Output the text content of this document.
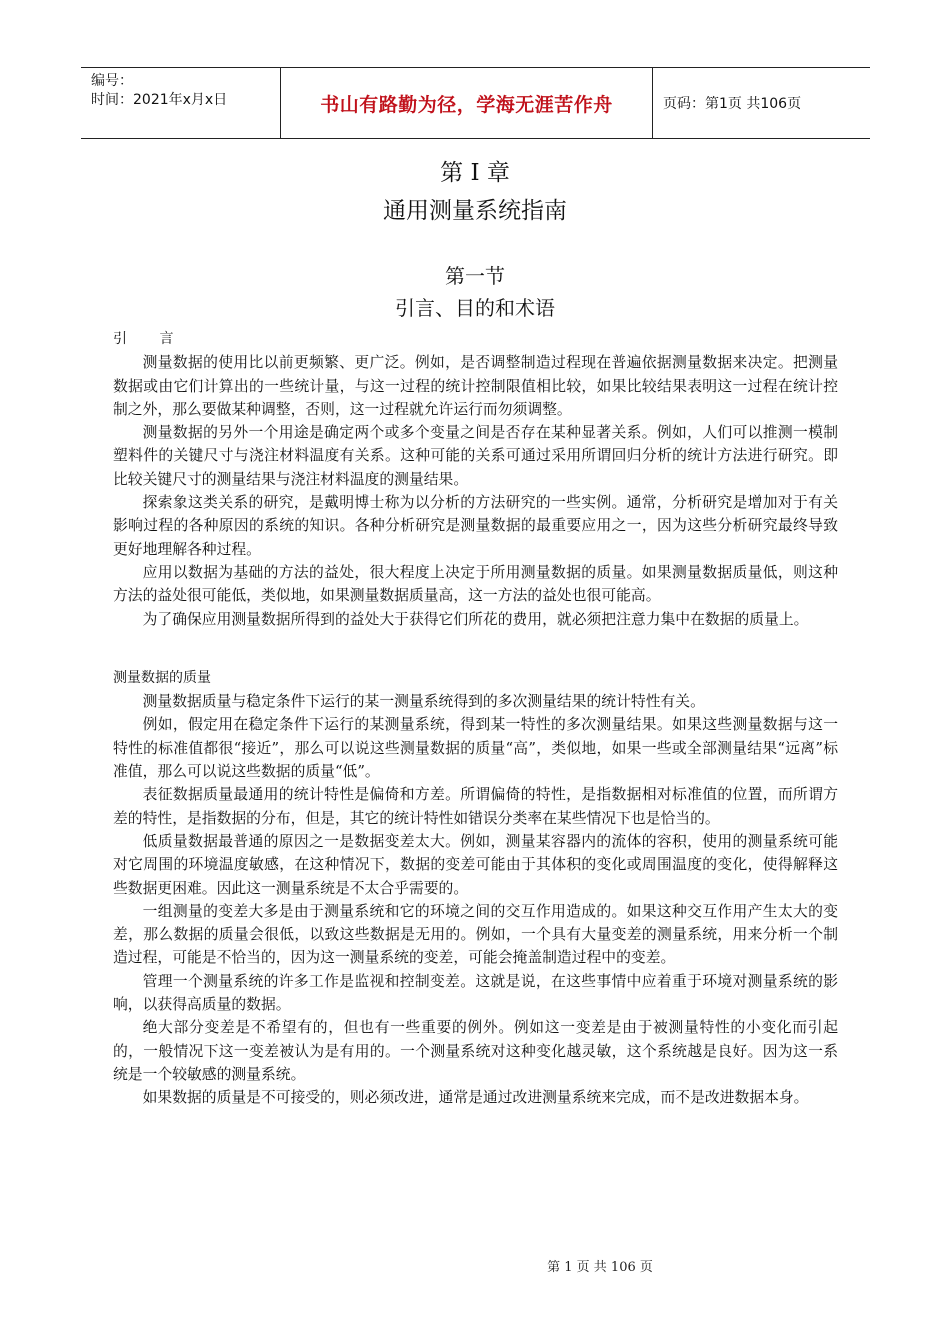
编号：
时间：2021年x月x日	书山有路勤为径，学海无涯苦作舟	页码：第1页 共106页
第 I 章
通用测量系统指南
第一节
引言、目的和术语

引 言

测量数据的使用比以前更频繁、更广泛。例如，是否调整制造过程现在普遍依据测量数据来决定。把测量数据或由它们计算出的一些统计量，与这一过程的统计控制限值相比较，如果比较结果表明这一过程在统计控制之外，那么要做某种调整，否则，这一过程就允许运行而勿须调整。

测量数据的另外一个用途是确定两个或多个变量之间是否存在某种显著关系。例如，人们可以推测一模制塑料件的关键尺寸与浇注材料温度有关系。这种可能的关系可通过采用所谓回归分析的统计方法进行研究。即比较关键尺寸的测量结果与浇注材料温度的测量结果。

探索象这类关系的研究，是戴明博士称为以分析的方法研究的一些实例。通常，分析研究是增加对于有关影响过程的各种原因的系统的知识。各种分析研究是测量数据的最重要应用之一，因为这些分析研究最终导致更好地理解各种过程。

应用以数据为基础的方法的益处，很大程度上决定于所用测量数据的质量。如果测量数据质量低，则这种方法的益处很可能低，类似地，如果测量数据质量高，这一方法的益处也很可能高。

为了确保应用测量数据所得到的益处大于获得它们所花的费用，就必须把注意力集中在数据的质量上。

测量数据的质量

测量数据质量与稳定条件下运行的某一测量系统得到的多次测量结果的统计特性有关。

例如，假定用在稳定条件下运行的某测量系统，得到某一特性的多次测量结果。如果这些测量数据与这一特性的标准值都很“接近”，那么可以说这些测量数据的质量“高”，类似地，如果一些或全部测量结果“远离”标准值，那么可以说这些数据的质量“低”。

表征数据质量最通用的统计特性是偏倚和方差。所谓偏倚的特性，是指数据相对标准值的位置，而所谓方差的特性，是指数据的分布，但是，其它的统计特性如错误分类率在某些情况下也是恰当的。

低质量数据最普通的原因之一是数据变差太大。例如，测量某容器内的流体的容积，使用的测量系统可能对它周围的环境温度敏感，在这种情况下，数据的变差可能由于其体积的变化或周围温度的变化，使得解释这些数据更困难。因此这一测量系统是不太合乎需要的。

一组测量的变差大多是由于测量系统和它的环境之间的交互作用造成的。如果这种交互作用产生太大的变差，那么数据的质量会很低，以致这些数据是无用的。例如，一个具有大量变差的测量系统，用来分析一个制造过程，可能是不恰当的，因为这一测量系统的变差，可能会掩盖制造过程中的变差。

管理一个测量系统的许多工作是监视和控制变差。这就是说，在这些事情中应着重于环境对测量系统的影响，以获得高质量的数据。

绝大部分变差是不希望有的，但也有一些重要的例外。例如这一变差是由于被测量特性的小变化而引起的，一般情况下这一变差被认为是有用的。一个测量系统对这种变化越灵敏，这个系统越是良好。因为这一系统是一个较敏感的测量系统。

如果数据的质量是不可接受的，则必须改进，通常是通过改进测量系统来完成，而不是改进数据本身。

第 1 页 共 106 页
